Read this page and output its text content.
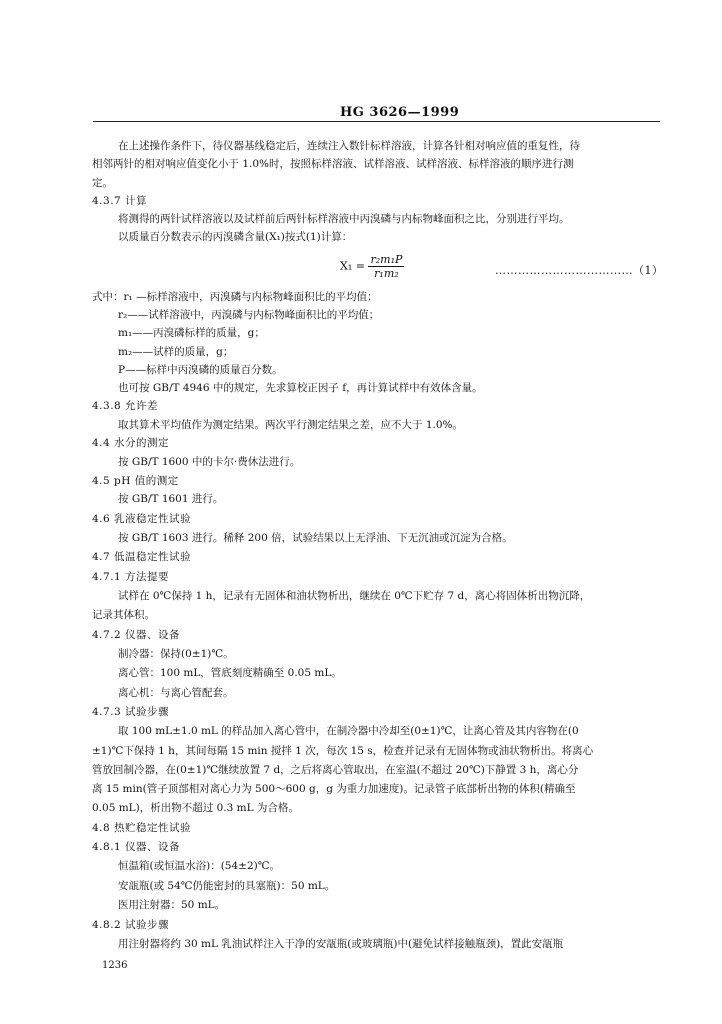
HG 3626—1999
在上述操作条件下，待仪器基线稳定后，连续注入数针标样溶液，计算各针相对响应值的重复性，待
相邻两针的相对响应值变化小于 1.0%时，按照标样溶液、试样溶液、试样溶液、标样溶液的顺序进行测
定。
4.3.7 计算
将测得的两针试样溶液以及试样前后两针标样溶液中丙溴磷与内标物峰面积之比，分别进行平均。
以质量百分数表示的丙溴磷含量(X₁)按式(1)计算：
$X_1 = \frac{\text{r₂m₁P}}{\text{r₁m₂}}$	………………………………（1）
式中：r₁ —标样溶液中，丙溴磷与内标物峰面积比的平均值；
r₂——试样溶液中，丙溴磷与内标物峰面积比的平均值；
m₁——丙溴磷标样的质量，g；
m₂——试样的质量，g；
P——标样中丙溴磷的质量百分数。
也可按 GB/T 4946 中的规定，先求算校正因子 f，再计算试样中有效体含量。
4.3.8 允许差
取其算术平均值作为测定结果。两次平行测定结果之差，应不大于 1.0%。
4.4 水分的测定
按 GB/T 1600 中的卡尔·费休法进行。
4.5 pH 值的测定
按 GB/T 1601 进行。
4.6 乳液稳定性试验
按 GB/T 1603 进行。稀释 200 倍，试验结果以上无浮油、下无沉油或沉淀为合格。
4.7 低温稳定性试验
4.7.1 方法提要
试样在 0℃保持 1 h，记录有无固体和油状物析出，继续在 0℃下贮存 7 d，离心将固体析出物沉降，
记录其体积。
4.7.2 仪器、设备
制冷器：保持(0±1)℃。
离心管：100 mL，管底刻度精确至 0.05 mL。
离心机：与离心管配套。
4.7.3 试验步骤
取 100 mL±1.0 mL 的样品加入离心管中，在制冷器中冷却至(0±1)℃，让离心管及其内容物在(0
±1)℃下保持 1 h，其间每隔 15 min 搅拌 1 次，每次 15 s，检查并记录有无固体物或油状物析出。将离心
管放回制冷器，在(0±1)℃继续放置 7 d，之后将离心管取出，在室温(不超过 20℃)下静置 3 h，离心分
离 15 min(管子顶部相对离心力为 500～600 g，g 为重力加速度)。记录管子底部析出物的体积(精确至
0.05 mL)，析出物不超过 0.3 mL 为合格。
4.8 热贮稳定性试验
4.8.1 仪器、设备
恒温箱(或恒温水浴)：(54±2)℃。
安瓿瓶(或 54℃仍能密封的具塞瓶)：50 mL。
医用注射器：50 mL。
4.8.2 试验步骤
用注射器将约 30 mL 乳油试样注入干净的安瓿瓶(或玻璃瓶)中(避免试样接触瓶颈)，置此安瓿瓶
1236
